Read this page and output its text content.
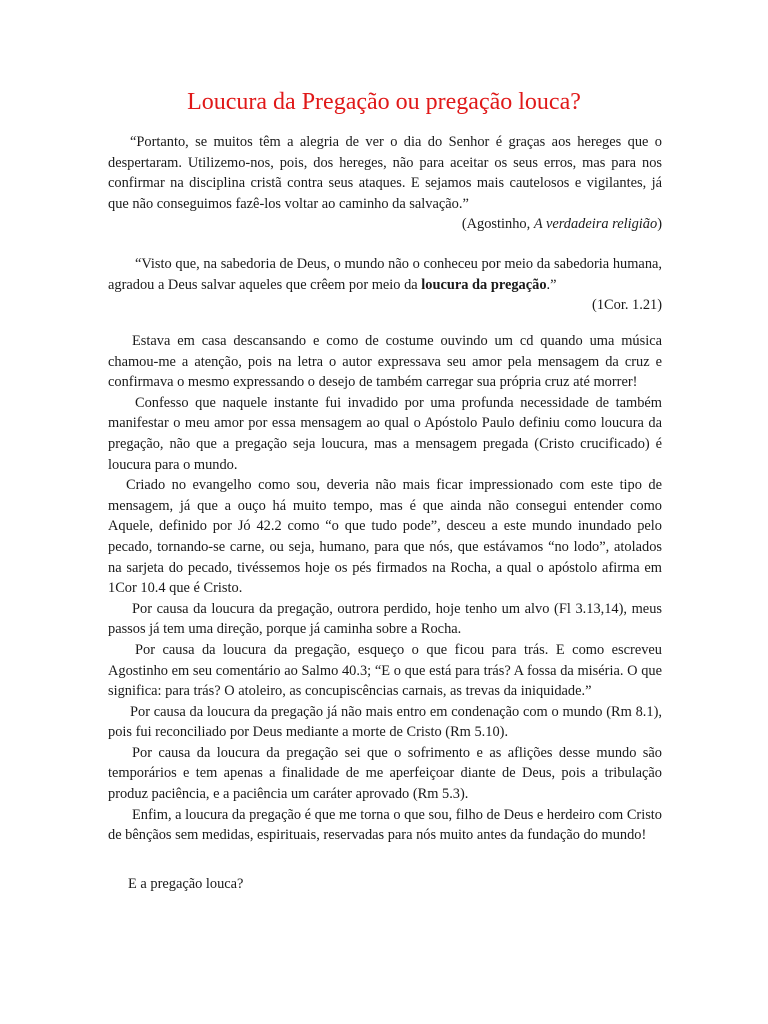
Loucura da Pregação ou pregação louca?

“Portanto, se muitos têm a alegria de ver o dia do Senhor é graças aos hereges que o despertaram. Utilizemo-nos, pois, dos hereges, não para aceitar os seus erros, mas para nos confirmar na disciplina cristã contra seus ataques. E sejamos mais cautelosos e vigilantes, já que não conseguimos fazê-los voltar ao caminho da salvação.”

(Agostinho, A verdadeira religião)

“Visto que, na sabedoria de Deus, o mundo não o conheceu por meio da sabedoria humana, agradou a Deus salvar aqueles que crêem por meio da loucura da pregação.”

(1Cor. 1.21)

Estava em casa descansando e como de costume ouvindo um cd quando uma música chamou-me a atenção, pois na letra o autor expressava seu amor pela mensagem da cruz e confirmava o mesmo expressando o desejo de também carregar sua própria cruz até morrer!

Confesso que naquele instante fui invadido por uma profunda necessidade de também manifestar o meu amor por essa mensagem ao qual o Apóstolo Paulo definiu como loucura da pregação, não que a pregação seja loucura, mas a mensagem pregada (Cristo crucificado) é loucura para o mundo.

Criado no evangelho como sou, deveria não mais ficar impressionado com este tipo de mensagem, já que a ouço há muito tempo, mas é que ainda não consegui entender como Aquele, definido por Jó 42.2 como “o que tudo pode”, desceu a este mundo inundado pelo pecado, tornando-se carne, ou seja, humano, para que nós, que estávamos “no lodo”, atolados na sarjeta do pecado, tivéssemos hoje os pés firmados na Rocha, a qual o apóstolo afirma em 1Cor 10.4 que é Cristo.

Por causa da loucura da pregação, outrora perdido, hoje tenho um alvo (Fl 3.13,14), meus passos já tem uma direção, porque já caminha sobre a Rocha.

Por causa da loucura da pregação, esqueço o que ficou para trás. E como escreveu Agostinho em seu comentário ao Salmo 40.3; “E o que está para trás? A fossa da miséria. O que significa: para trás? O atoleiro, as concupiscências carnais, as trevas da iniquidade.”

Por causa da loucura da pregação já não mais entro em condenação com o mundo (Rm 8.1), pois fui reconciliado por Deus mediante a morte de Cristo (Rm 5.10).

Por causa da loucura da pregação sei que o sofrimento e as aflições desse mundo são temporários e tem apenas a finalidade de me aperfeiçoar diante de Deus, pois a tribulação produz paciência, e a paciência um caráter aprovado (Rm 5.3).

Enfim, a loucura da pregação é que me torna o que sou, filho de Deus e herdeiro com Cristo de bênçãos sem medidas, espirituais, reservadas para nós muito antes da fundação do mundo!

E a pregação louca?
